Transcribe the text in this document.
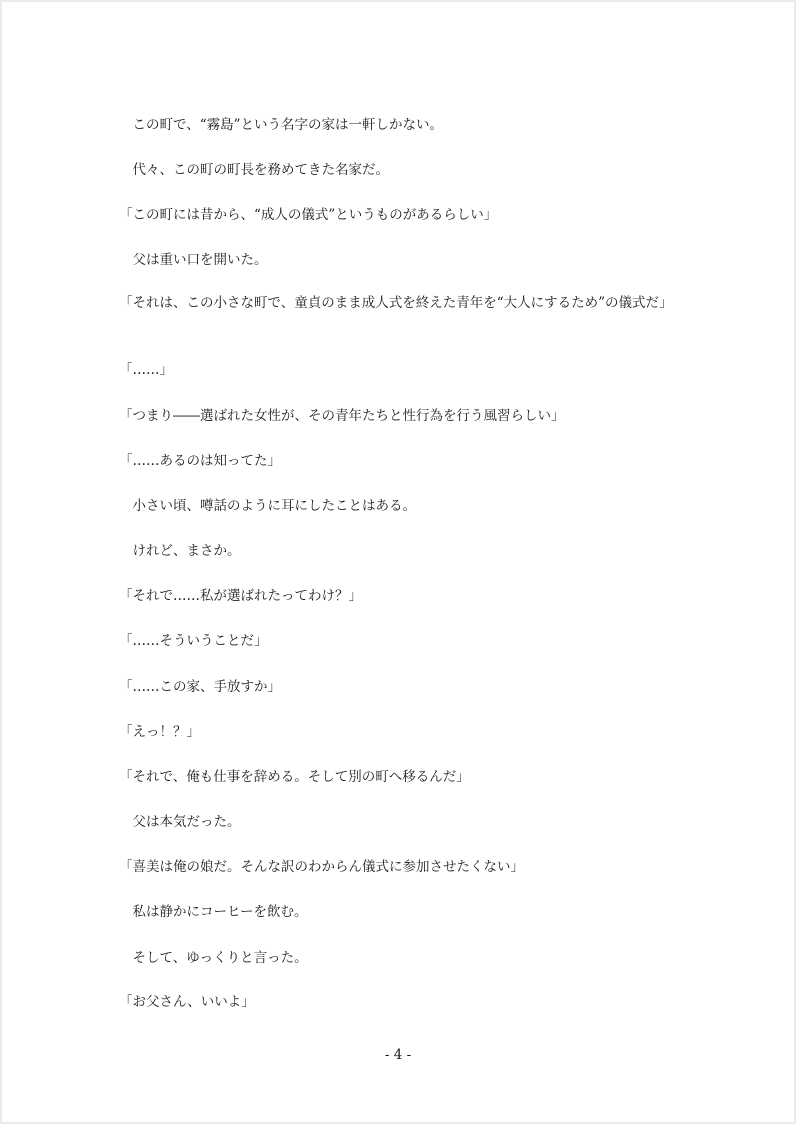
　この町で、“霧島”という名字の家は一軒しかない。

　代々、この町の町長を務めてきた名家だ。

「この町には昔から、“成人の儀式”というものがあるらしい」

　父は重い口を開いた。

「それは、この小さな町で、童貞のまま成人式を終えた青年を“大人にするため”の儀式だ」

「……」

「つまり――選ばれた女性が、その青年たちと性行為を行う風習らしい」

「……あるのは知ってた」

　小さい頃、噂話のように耳にしたことはある。

　けれど、まさか。

「それで……私が選ばれたってわけ？」

「……そういうことだ」

「……この家、手放すか」

「えっ！？」

「それで、俺も仕事を辞める。そして別の町へ移るんだ」

　父は本気だった。

「喜美は俺の娘だ。そんな訳のわからん儀式に参加させたくない」

　私は静かにコーヒーを飲む。

　そして、ゆっくりと言った。

「お父さん、いいよ」

- 4 -
